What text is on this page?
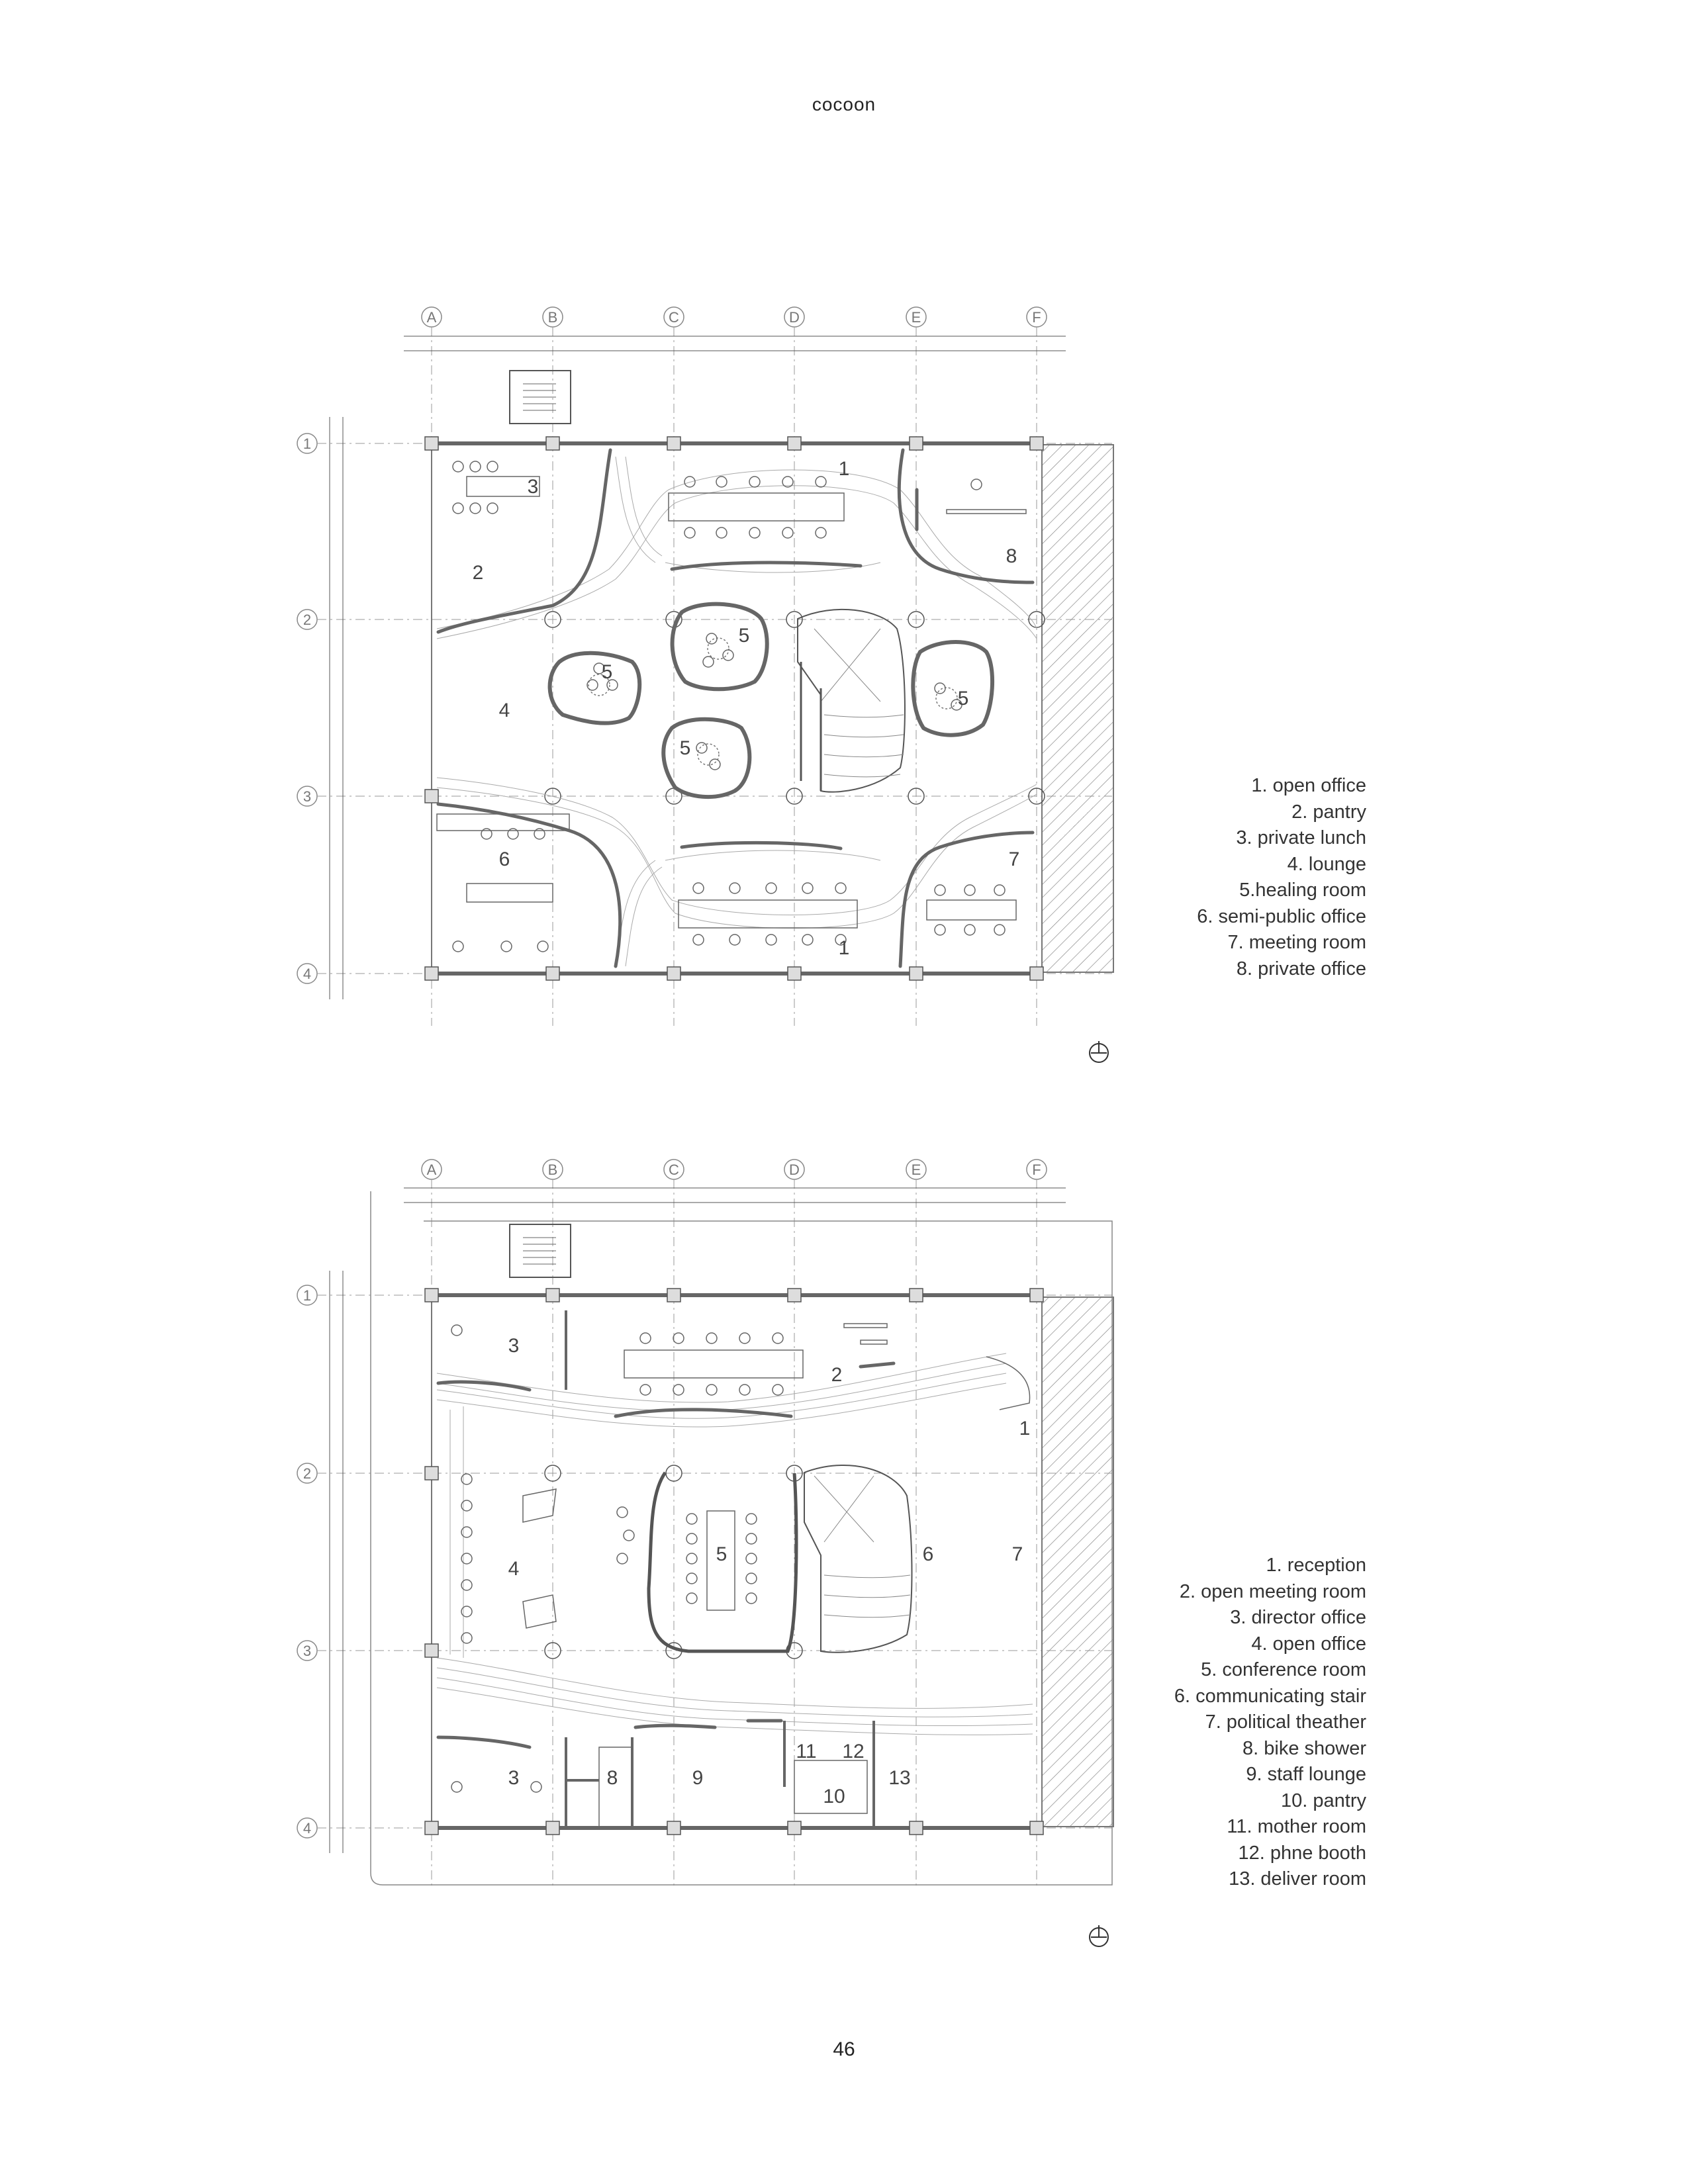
cocoon
A	B	C	D	E	F
1
2
3
4
1
1
2
3
4
5
5
5
5
6	7
8
1. open office
2. pantry
3. private lunch
4. lounge
5.healing room
6. semi-public office
7. meeting room
8. private office
A	B	C	D	E	F
1
2
3
4
1
2
3
3
4
5	6	7
8	9
10
11 12
13
1. reception
2. open meeting room
3. director office
4. open office
5. conference room
6. communicating stair
7. political theather
8. bike shower
9. staff lounge
10. pantry
11. mother room
12. phne booth
13. deliver room
46
